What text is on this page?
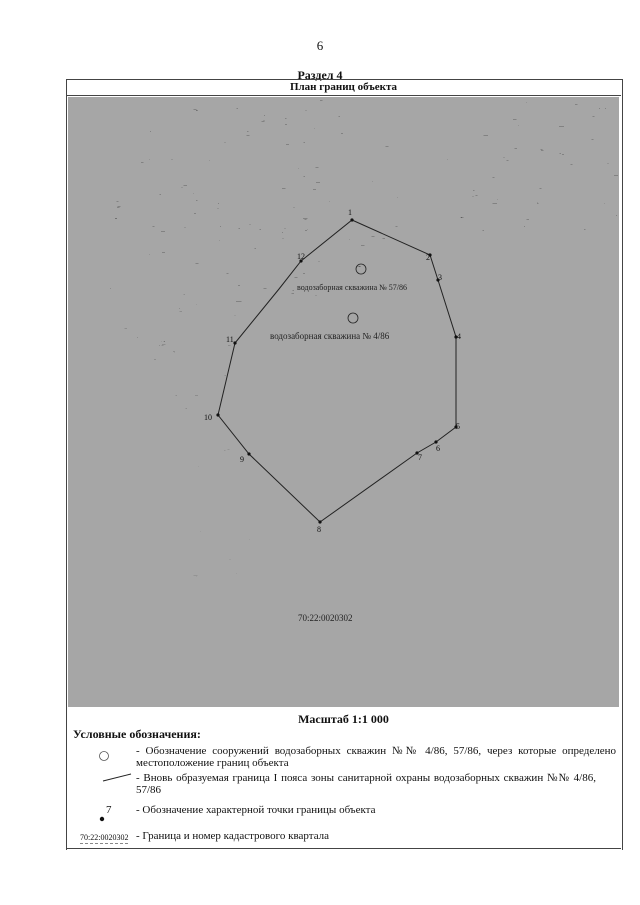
6
Раздел 4
План границ объекта
водозаборная скважина № 57/86
водозаборная скважина № 4/86
1
2
3
4
5
6
7
8
9
10
11
12
70:22:0020302
Масштаб 1:1 000
Условные обозначения:
- Обозначение сооружений водозаборных скважин №№ 4/86, 57/86, через которые определено местоположение границ объекта
- Вновь образуемая граница I пояса зоны санитарной охраны водозаборных скважин №№ 4/86, 57/86
7 - Обозначение характерной точки границы объекта
70:22:0020302 - Граница и номер кадастрового квартала
